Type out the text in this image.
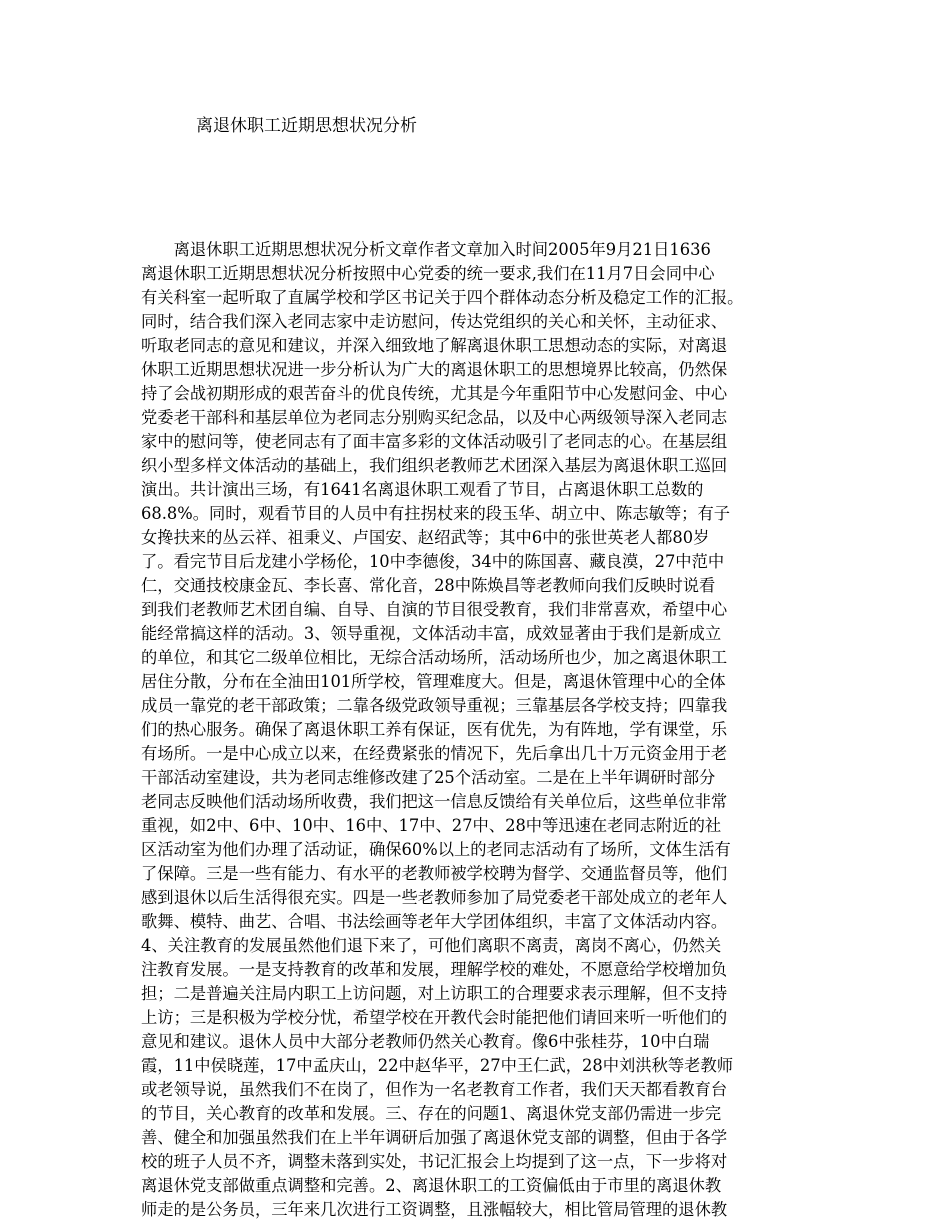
离退休职工近期思想状况分析
　　离退休职工近期思想状况分析文章作者文章加入时间2005年9月21日1636
离退休职工近期思想状况分析按照中心党委的统一要求,我们在11月7日会同中心
有关科室一起听取了直属学校和学区书记关于四个群体动态分析及稳定工作的汇报。
同时，结合我们深入老同志家中走访慰问，传达党组织的关心和关怀，主动征求、
听取老同志的意见和建议，并深入细致地了解离退休职工思想动态的实际，对离退
休职工近期思想状况进一步分析认为广大的离退休职工的思想境界比较高，仍然保
持了会战初期形成的艰苦奋斗的优良传统，尤其是今年重阳节中心发慰问金、中心
党委老干部科和基层单位为老同志分别购买纪念品，以及中心两级领导深入老同志
家中的慰问等，使老同志有了面丰富多彩的文体活动吸引了老同志的心。在基层组
织小型多样文体活动的基础上，我们组织老教师艺术团深入基层为离退休职工巡回
演出。共计演出三场，有1641名离退休职工观看了节目，占离退休职工总数的
68.8%。同时，观看节目的人员中有拄拐杖来的段玉华、胡立中、陈志敏等；有子
女搀扶来的丛云祥、祖秉义、卢国安、赵绍武等；其中6中的张世英老人都80岁
了。看完节目后龙建小学杨伦，10中李德俊，34中的陈国喜、藏良漠，27中范中
仁，交通技校康金瓦、李长喜、常化音，28中陈焕昌等老教师向我们反映时说看
到我们老教师艺术团自编、自导、自演的节目很受教育，我们非常喜欢，希望中心
能经常搞这样的活动。3、领导重视，文体活动丰富，成效显著由于我们是新成立
的单位，和其它二级单位相比，无综合活动场所，活动场所也少，加之离退休职工
居住分散，分布在全油田101所学校，管理难度大。但是，离退休管理中心的全体
成员一靠党的老干部政策；二靠各级党政领导重视；三靠基层各学校支持；四靠我
们的热心服务。确保了离退休职工养有保证，医有优先，为有阵地，学有课堂，乐
有场所。一是中心成立以来，在经费紧张的情况下，先后拿出几十万元资金用于老
干部活动室建设，共为老同志维修改建了25个活动室。二是在上半年调研时部分
老同志反映他们活动场所收费，我们把这一信息反馈给有关单位后，这些单位非常
重视，如2中、6中、10中、16中、17中、27中、28中等迅速在老同志附近的社
区活动室为他们办理了活动证，确保60%以上的老同志活动有了场所，文体生活有
了保障。三是一些有能力、有水平的老教师被学校聘为督学、交通监督员等，他们
感到退休以后生活得很充实。四是一些老教师参加了局党委老干部处成立的老年人
歌舞、模特、曲艺、合唱、书法绘画等老年大学团体组织，丰富了文体活动内容。
4、关注教育的发展虽然他们退下来了，可他们离职不离责，离岗不离心，仍然关
注教育发展。一是支持教育的改革和发展，理解学校的难处，不愿意给学校增加负
担；二是普遍关注局内职工上访问题，对上访职工的合理要求表示理解，但不支持
上访；三是积极为学校分忧，希望学校在开教代会时能把他们请回来听一听他们的
意见和建议。退休人员中大部分老教师仍然关心教育。像6中张桂芬，10中白瑞
霞，11中侯晓莲，17中孟庆山，22中赵华平，27中王仁武，28中刘洪秋等老教师
或老领导说，虽然我们不在岗了，但作为一名老教育工作者，我们天天都看教育台
的节目，关心教育的改革和发展。三、存在的问题1、离退休党支部仍需进一步完
善、健全和加强虽然我们在上半年调研后加强了离退休党支部的调整，但由于各学
校的班子人员不齐，调整未落到实处，书记汇报会上均提到了这一点，下一步将对
离退休党支部做重点调整和完善。2、离退休职工的工资偏低由于市里的离退休教
师走的是公务员，三年来几次进行工资调整，且涨幅较大，相比管局管理的退休教
